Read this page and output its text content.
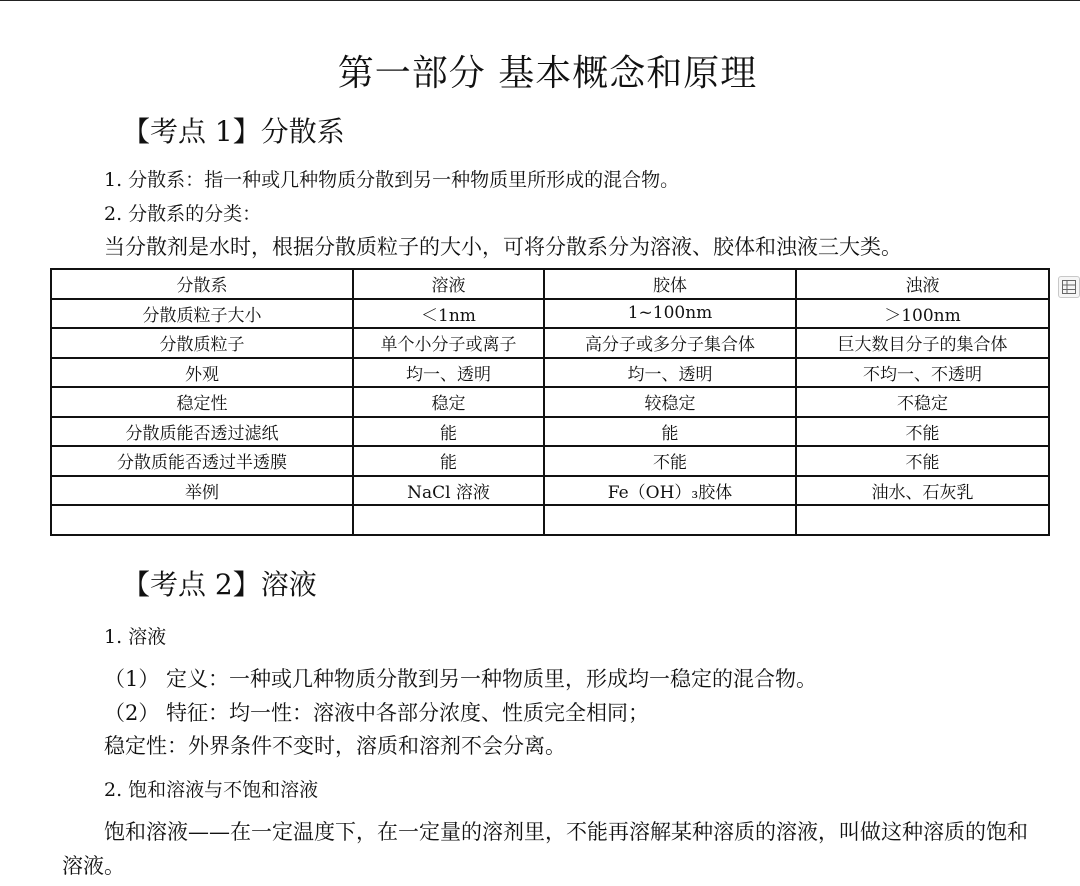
第一部分 基本概念和原理
【考点 1】分散系
1. 分散系：指一种或几种物质分散到另一种物质里所形成的混合物。
2. 分散系的分类：
当分散剂是水时，根据分散质粒子的大小，可将分散系分为溶液、胶体和浊液三大类。
分散系	溶液	胶体	浊液
分散质粒子大小	＜1nm	1~100nm	＞100nm
分散质粒子	单个小分子或离子	高分子或多分子集合体	巨大数目分子的集合体
外观	均一、透明	均一、透明	不均一、不透明
稳定性	稳定	较稳定	不稳定
分散质能否透过滤纸	能	能	不能
分散质能否透过半透膜	能	不能	不能
举例	NaCl 溶液	Fe（OH）₃胶体	油水、石灰乳

【考点 2】溶液
1. 溶液
（1） 定义：一种或几种物质分散到另一种物质里，形成均一稳定的混合物。
（2） 特征：均一性：溶液中各部分浓度、性质完全相同；
稳定性：外界条件不变时，溶质和溶剂不会分离。
2. 饱和溶液与不饱和溶液
饱和溶液——在一定温度下，在一定量的溶剂里，不能再溶解某种溶质的溶液，叫做这种溶质的饱和
溶液。
